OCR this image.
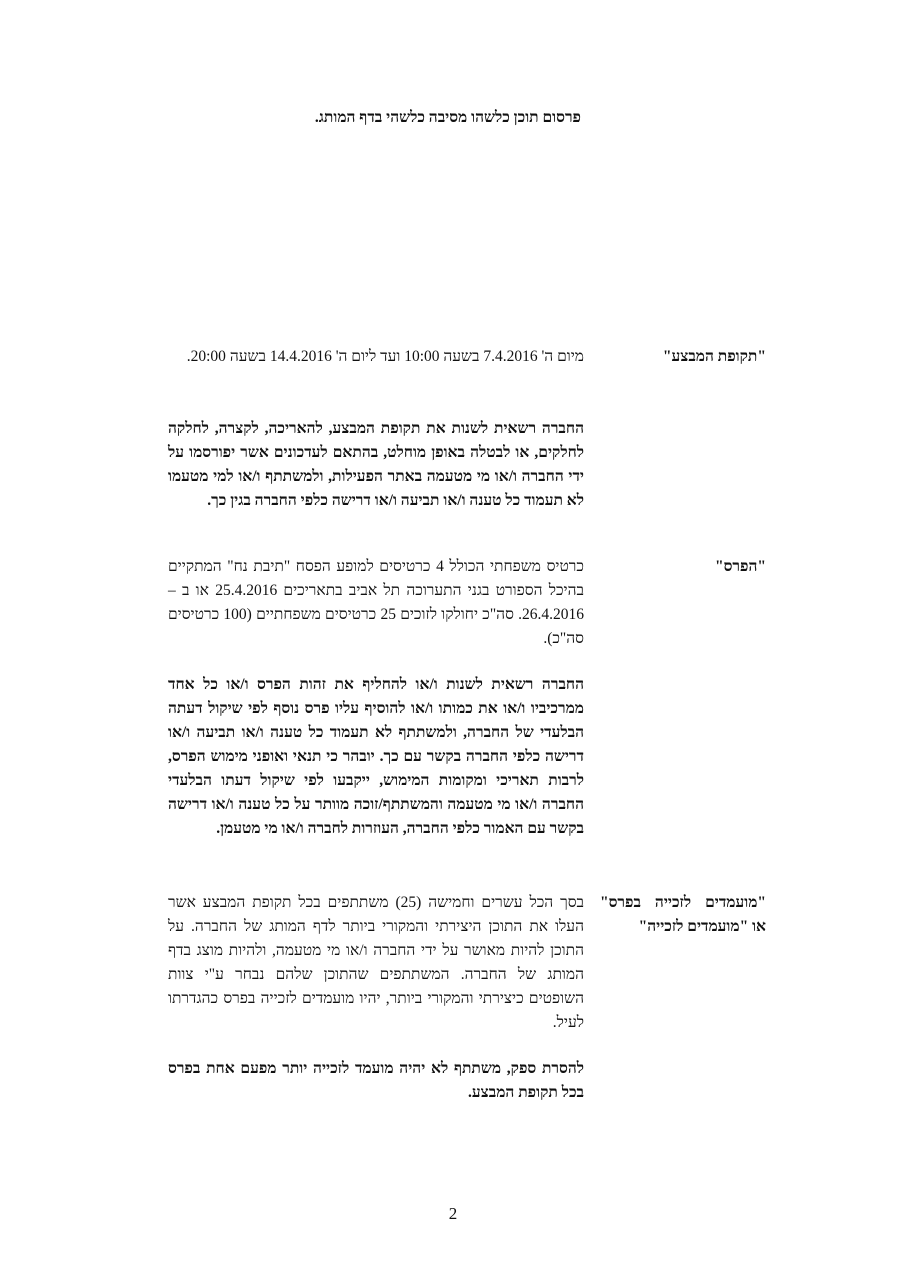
פרסום תוכן כלשהו מסיבה כלשהי בדף המותג.
"תקופת המבצע"

מיום ה' 7.4.2016 בשעה 10:00 ועד ליום ה' 14.4.2016 בשעה 20:00.

החברה רשאית לשנות את תקופת המבצע, להאריכה, לקצרה, לחלקה לחלקים, או לבטלה באופן מוחלט, בהתאם לעדכונים אשר יפורסמו על ידי החברה ו/או מי מטעמה באתר הפעילות, ולמשתתף ו/או למי מטעמו לא תעמוד כל טענה ו/או תביעה ו/או דרישה כלפי החברה בגין כך.

"הפרס"

כרטיס משפחתי הכולל 4 כרטיסים למופע הפסח "תיבת נח" המתקיים בהיכל הספורט בגני התערוכה תל אביב בתאריכים 25.4.2016 או ב – 26.4.2016. סה"כ יחולקו לזוכים 25 כרטיסים משפחתיים (100 כרטיסים סה"כ).

החברה רשאית לשנות ו/או להחליף את זהות הפרס ו/או כל אחד ממרכיביו ו/או את כמותו ו/או להוסיף עליו פרס נוסף לפי שיקול דעתה הבלעדי של החברה, ולמשתתף לא תעמוד כל טענה ו/או תביעה ו/או דרישה כלפי החברה בקשר עם כך. יובהר כי תנאי ואופני מימוש הפרס, לרבות תאריכי ומקומות המימוש, ייקבעו לפי שיקול דעתו הבלעדי החברה ו/או מי מטעמה והמשתתף/זוכה מוותר על כל טענה ו/או דרישה בקשר עם האמור כלפי החברה, העוזרות לחברה ו/או מי מטעמן.

"מועמדים לזכייה בפרס"
או "מועמדים לזכייה"

בסך הכל עשרים וחמישה (25) משתתפים בכל תקופת המבצע אשר העלו את התוכן היצירתי והמקורי ביותר לדף המותג של החברה. על התוכן להיות מאושר על ידי החברה ו/או מי מטעמה, ולהיות מוצג בדף המותג של החברה. המשתתפים שהתוכן שלהם נבחר ע"י צוות השופטים כיצירתי והמקורי ביותר, יהיו מועמדים לזכייה בפרס כהגדרתו לעיל.

להסרת ספק, משתתף לא יהיה מועמד לזכייה יותר מפעם אחת בפרס בכל תקופת המבצע.

2
